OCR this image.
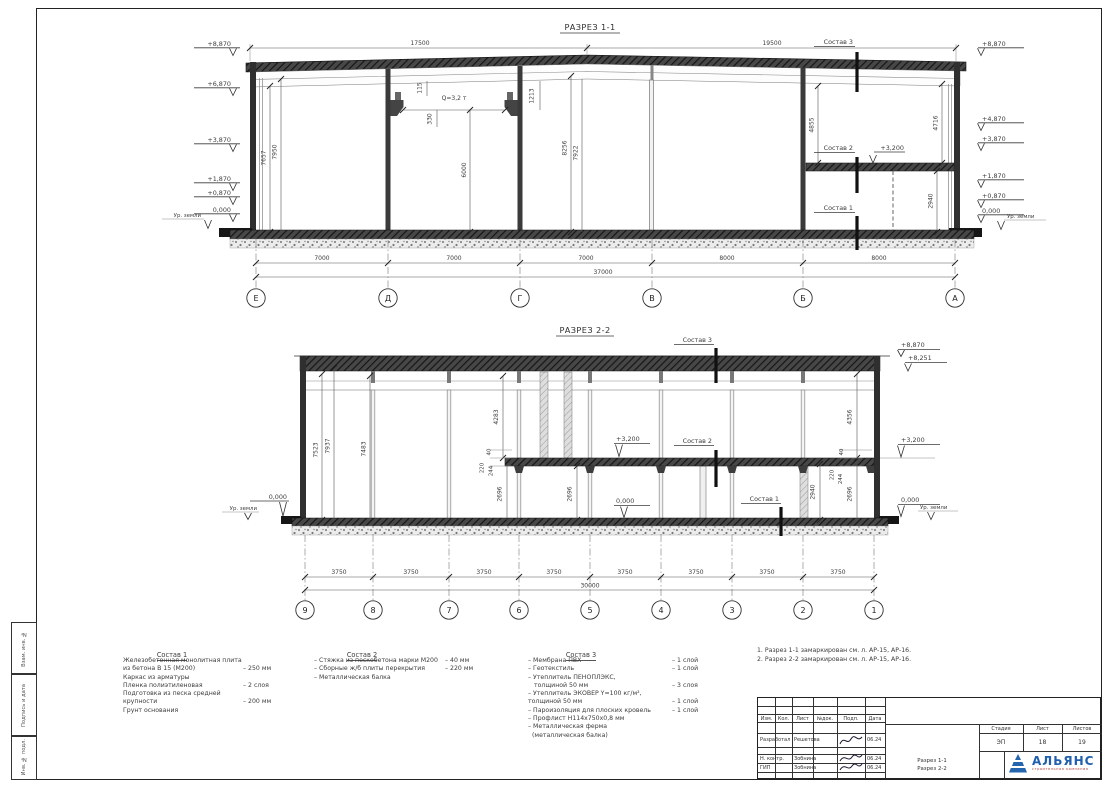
Взам. инв. №
Подпись и дата
Инв. № подл.
РАЗРЕЗ 1-1
Q=3,2 т
7657 7950
115
330
6000
1213
8256 7922
4855	4716
2940
+3,200
Состав 3
Состав 2
Состав 1
17500	19500
+8,870
+6,870
+3,870
+1,870
+0,870
0,000
Ур. земли
+8,870
+4,870
+3,870
+1,870
+0,870
0,000
Ур. земли
7000	7000	7000	8000	8000
37000
Е	Д	Г	В	Б	А
РАЗРЕЗ 2-2
7523 7937	7483
4283
40
220 244
2696	2696	2940
4356
40
220 244
2696
+3,200
0,000
Состав 3
Состав 2
Состав 1
+8,870
+8,251
+3,200
0,000
Ур. земли
0,000
Ур. земли
3750	3750	3750	3750	3750	3750	3750	3750
30000
9	8	7	6	5	4	3	2	1
Состав 1
Железобетонная монолитная плита
из бетона В 15 (М200)	– 250 мм
Каркас из арматуры
Пленка полиэтиленовая	– 2 слоя
Подготовка из песка средней
крупности	– 200 мм
Грунт основания
Состав 2
– Стяжка из пескобетона марки М200	– 40 мм
– Сборные ж/б плиты перекрытия	– 220 мм
– Металлическая балка
Состав 3
– Мембрана ПВХ	– 1 слой
– Геотекстиль	– 1 слой
– Утеплитель ПЕНОПЛЭКС,
толщиной 50 мм	– 3 слоя
– Утеплитель ЭКОВЕР Y=100 кг/м²,
толщиной 50 мм	– 1 слой
– Пароизоляция для плоских кровель	– 1 слой
– Профлист Н114х750х0,8 мм
– Металлическая ферма
(металлическая балка)
1. Разрез 1-1 замаркирован см. л. АР-15, АР-16.
2. Разрез 2-2 замаркирован см. л. АР-15, АР-16.
Изм.	Кол.	Лист	№док.	Подп.	Дата
Разработал Решетова	06.24
Н. контр. Зобнина	06.24
ГИП	Зобнина	06.24
Стадия	Лист	Листов
ЭП	18	19
Разрез 1-1
Разрез 2-2
АЛЬЯНС
строительная компания
